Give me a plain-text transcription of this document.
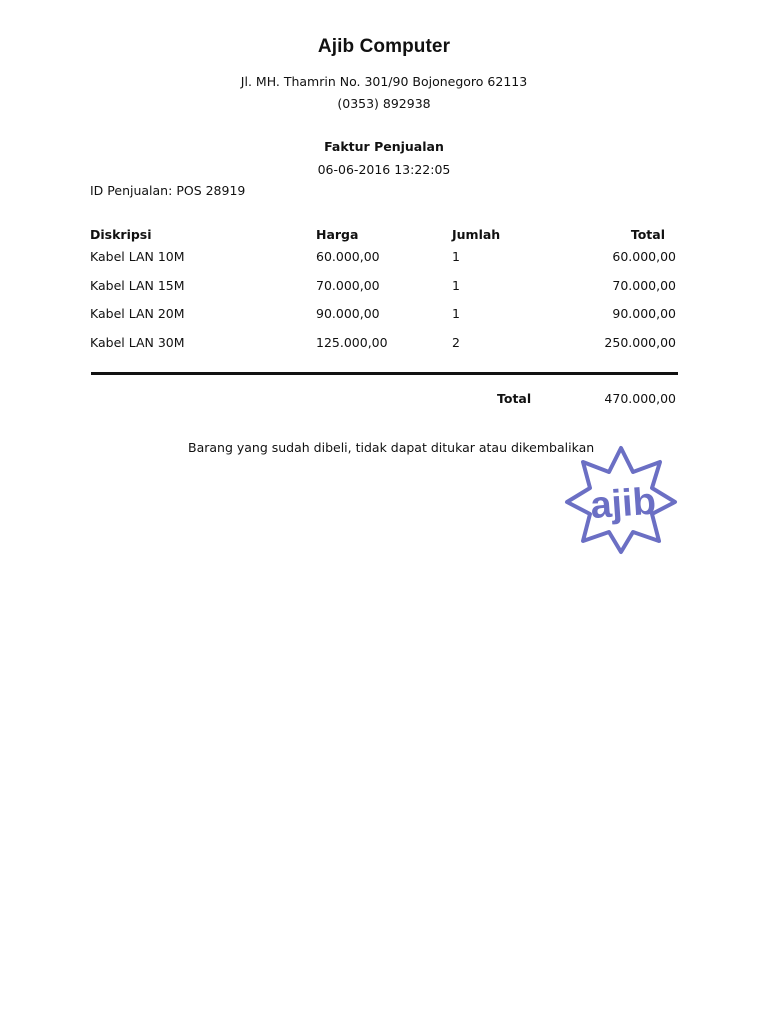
Ajib Computer
Jl. MH. Thamrin No. 301/90 Bojonegoro 62113
(0353) 892938
Faktur Penjualan
06-06-2016 13:22:05
ID Penjualan: POS 28919
Diskripsi	Harga	Jumlah	Total
Kabel LAN 10M	60.000,00	1	60.000,00
Kabel LAN 15M	70.000,00	1	70.000,00
Kabel LAN 20M	90.000,00	1	90.000,00
Kabel LAN 30M	125.000,00	2	250.000,00
Total	470.000,00
Barang yang sudah dibeli, tidak dapat ditukar atau dikembalikan
ajib
